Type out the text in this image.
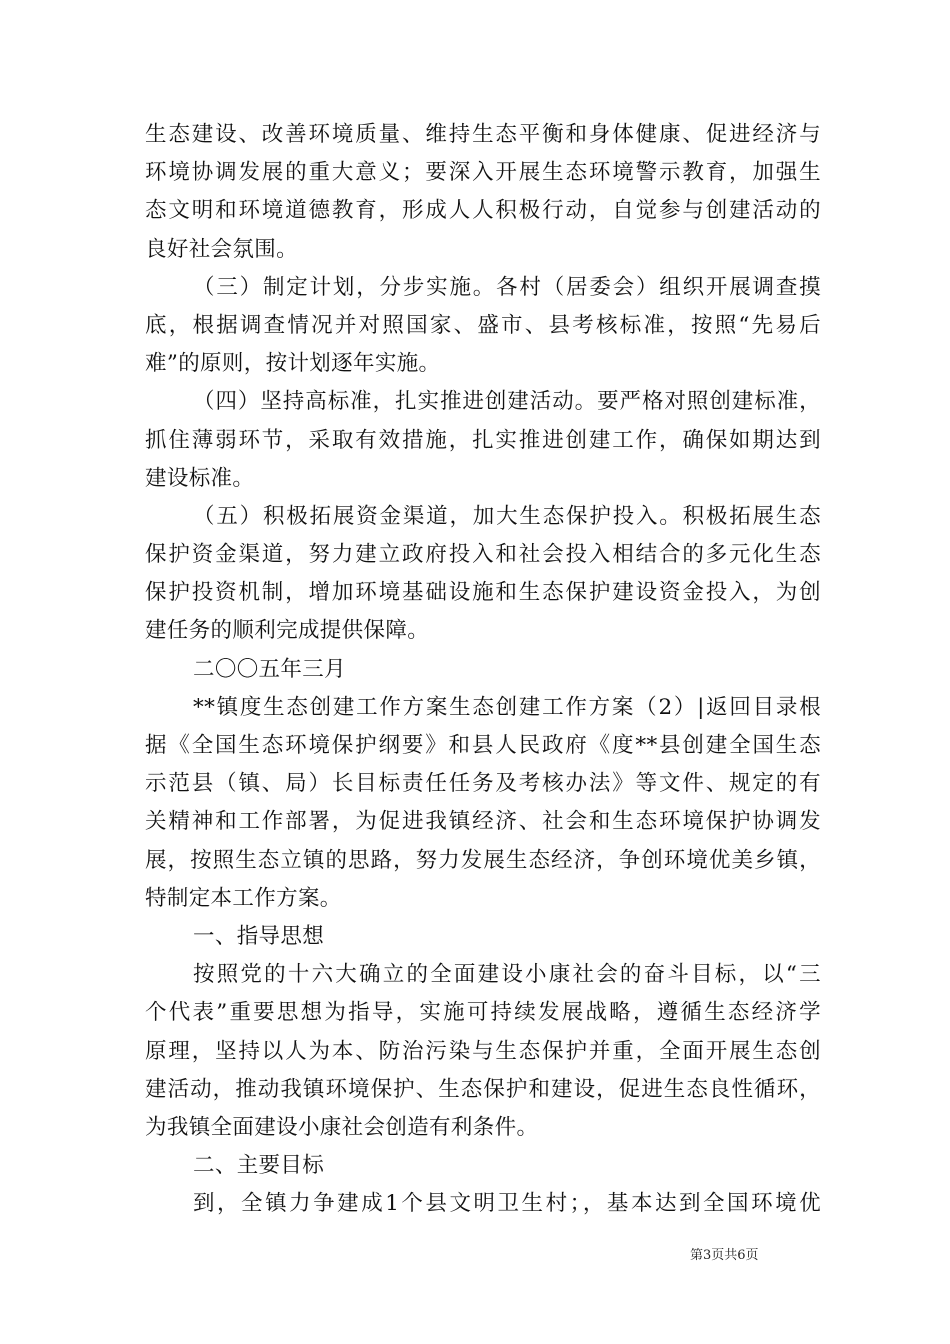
生态建设、改善环境质量、维持生态平衡和身体健康、促进经济与
环境协调发展的重大意义；要深入开展生态环境警示教育，加强生
态文明和环境道德教育，形成人人积极行动，自觉参与创建活动的
良好社会氛围。
（三）制定计划，分步实施。各村（居委会）组织开展调查摸
底，根据调查情况并对照国家、盛市、县考核标准，按照“先易后
难”的原则，按计划逐年实施。
（四）坚持高标准，扎实推进创建活动。要严格对照创建标准，
抓住薄弱环节，采取有效措施，扎实推进创建工作，确保如期达到
建设标准。
（五）积极拓展资金渠道，加大生态保护投入。积极拓展生态
保护资金渠道，努力建立政府投入和社会投入相结合的多元化生态
保护投资机制，增加环境基础设施和生态保护建设资金投入，为创
建任务的顺利完成提供保障。
二〇〇五年三月
**镇度生态创建工作方案生态创建工作方案（2）|返回目录根
据《全国生态环境保护纲要》和县人民政府《度**县创建全国生态
示范县（镇、局）长目标责任任务及考核办法》等文件、规定的有
关精神和工作部署，为促进我镇经济、社会和生态环境保护协调发
展，按照生态立镇的思路，努力发展生态经济，争创环境优美乡镇，
特制定本工作方案。
一、指导思想
按照党的十六大确立的全面建设小康社会的奋斗目标，以“三
个代表”重要思想为指导，实施可持续发展战略，遵循生态经济学
原理，坚持以人为本、防治污染与生态保护并重，全面开展生态创
建活动，推动我镇环境保护、生态保护和建设，促进生态良性循环，
为我镇全面建设小康社会创造有利条件。
二、主要目标
到，全镇力争建成1个县文明卫生村；，基本达到全国环境优
第3页共6页
